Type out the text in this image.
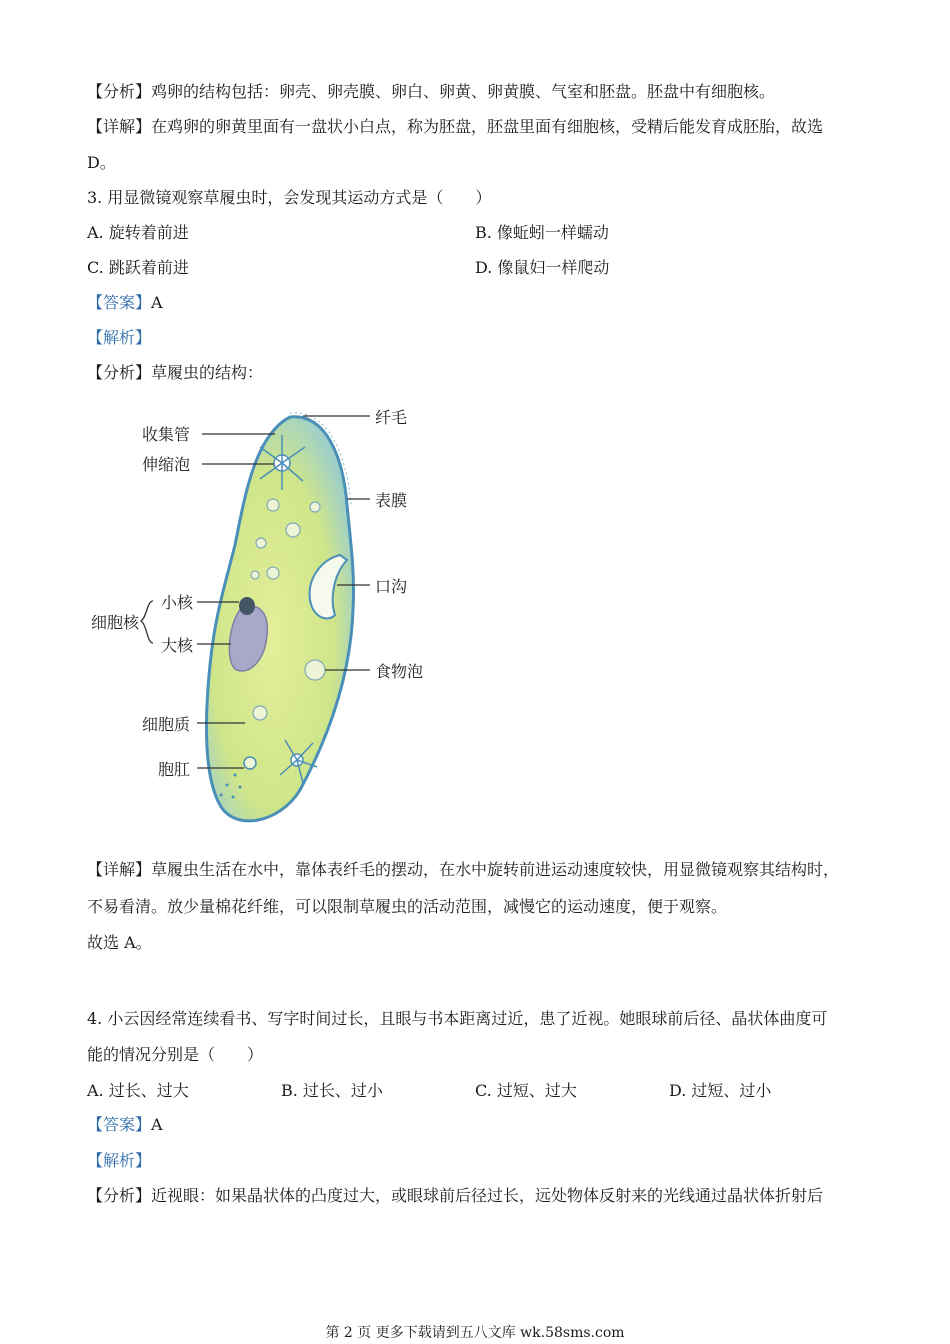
【分析】鸡卵的结构包括：卵壳、卵壳膜、卵白、卵黄、卵黄膜、气室和胚盘。胚盘中有细胞核。
【详解】在鸡卵的卵黄里面有一盘状小白点，称为胚盘，胚盘里面有细胞核，受精后能发育成胚胎，故选
D。
3. 用显微镜观察草履虫时，会发现其运动方式是（　　）
A. 旋转着前进	B. 像蚯蚓一样蠕动
C. 跳跃着前进	D. 像鼠妇一样爬动
【答案】A
【解析】
【分析】草履虫的结构：
纤毛
收集管
伸缩泡
表膜
口沟
细胞核
小核
大核
食物泡
细胞质
胞肛
【详解】草履虫生活在水中，靠体表纤毛的摆动，在水中旋转前进运动速度较快，用显微镜观察其结构时，
不易看清。放少量棉花纤维，可以限制草履虫的活动范围，减慢它的运动速度，便于观察。
故选 A。
4. 小云因经常连续看书、写字时间过长，且眼与书本距离过近，患了近视。她眼球前后径、晶状体曲度可
能的情况分别是（　　）
A. 过长、过大	B. 过长、过小	C. 过短、过大	D. 过短、过小
【答案】A
【解析】
【分析】近视眼：如果晶状体的凸度过大，或眼球前后径过长，远处物体反射来的光线通过晶状体折射后
第 2 页 更多下载请到五八文库 wk.58sms.com
